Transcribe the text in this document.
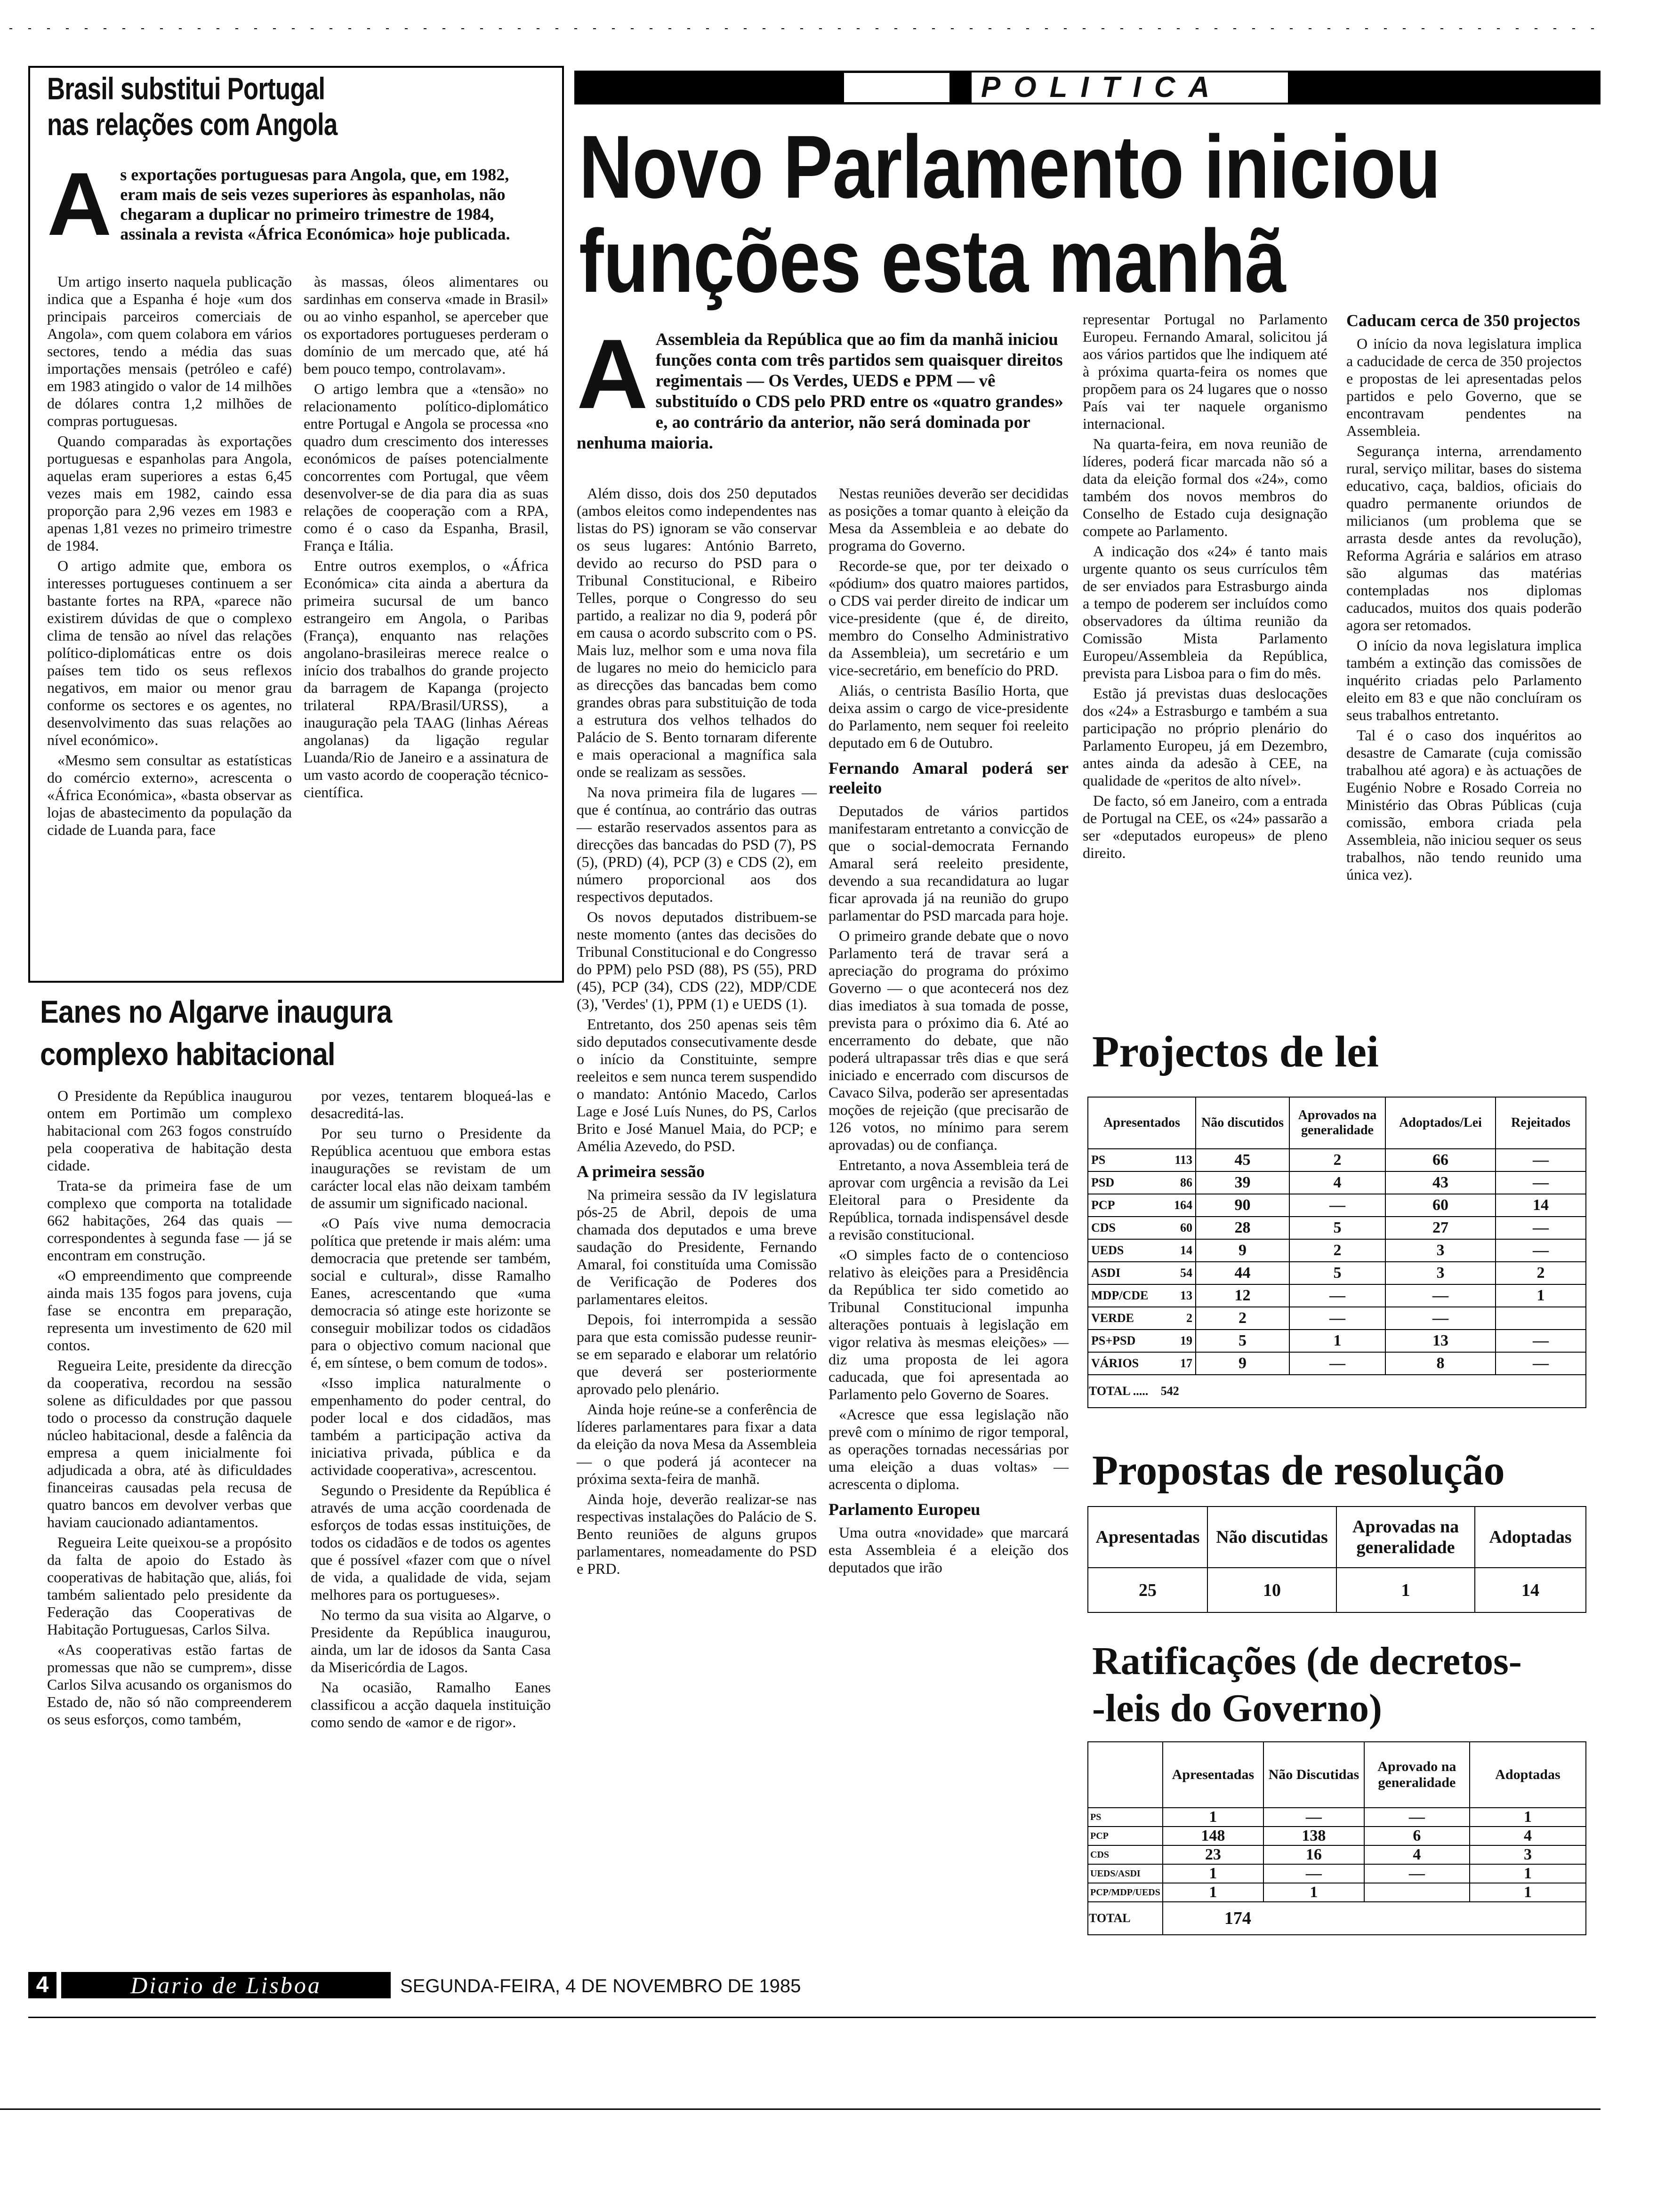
Brasil substitui Portugal
nas relações com Angola
A s exportações portuguesas para Angola, que, em 1982, eram mais de seis vezes superiores às espanholas, não chegaram a duplicar no primeiro trimestre de 1984, assinala a revista «África Económica» hoje publicada.

Um artigo inserto naquela publicação indica que a Espanha é hoje «um dos principais parceiros comerciais de Angola», com quem colabora em vários sectores, tendo a média das suas importações mensais (petróleo e café) em 1983 atingido o valor de 14 milhões de dólares contra 1,2 milhões de compras portuguesas.

Quando comparadas às exportações portuguesas e espanholas para Angola, aquelas eram superiores a estas 6,45 vezes mais em 1982, caindo essa proporção para 2,96 vezes em 1983 e apenas 1,81 vezes no primeiro trimestre de 1984.

O artigo admite que, embora os interesses portugueses continuem a ser bastante fortes na RPA, «parece não existirem dúvidas de que o complexo clima de tensão ao nível das relações político-diplomáticas entre os dois países tem tido os seus reflexos negativos, em maior ou menor grau conforme os sectores e os agentes, no desenvolvimento das suas relações ao nível económico».

«Mesmo sem consultar as estatísticas do comércio externo», acrescenta o «África Económica», «basta observar as lojas de abastecimento da população da cidade de Luanda para, face

às massas, óleos alimentares ou sardinhas em conserva «made in Brasil» ou ao vinho espanhol, se aperceber que os exportadores portugueses perderam o domínio de um mercado que, até há bem pouco tempo, controlavam».

O artigo lembra que a «tensão» no relacionamento político-diplomático entre Portugal e Angola se processa «no quadro dum crescimento dos interesses económicos de países potencialmente concorrentes com Portugal, que vêem desenvolver-se de dia para dia as suas relações de cooperação com a RPA, como é o caso da Espanha, Brasil, França e Itália.

Entre outros exemplos, o «África Económica» cita ainda a abertura da primeira sucursal de um banco estrangeiro em Angola, o Paribas (França), enquanto nas relações angolano-brasileiras merece realce o início dos trabalhos do grande projecto da barragem de Kapanga (projecto trilateral RPA/Brasil/URSS), a inauguração pela TAAG (linhas Aéreas angolanas) da ligação regular Luanda/Rio de Janeiro e a assinatura de um vasto acordo de cooperação técnico-científica.

Eanes no Algarve inaugura
complexo habitacional

O Presidente da República inaugurou ontem em Portimão um complexo habitacional com 263 fogos construído pela cooperativa de habitação desta cidade.

Trata-se da primeira fase de um complexo que comporta na totalidade 662 habitações, 264 das quais — correspondentes à segunda fase — já se encontram em construção.

«O empreendimento que compreende ainda mais 135 fogos para jovens, cuja fase se encontra em preparação, representa um investimento de 620 mil contos.

Regueira Leite, presidente da direcção da cooperativa, recordou na sessão solene as dificuldades por que passou todo o processo da construção daquele núcleo habitacional, desde a falência da empresa a quem inicialmente foi adjudicada a obra, até às dificuldades financeiras causadas pela recusa de quatro bancos em devolver verbas que haviam caucionado adiantamentos.

Regueira Leite queixou-se a propósito da falta de apoio do Estado às cooperativas de habitação que, aliás, foi também salientado pelo presidente da Federação das Cooperativas de Habitação Portuguesas, Carlos Silva.

«As cooperativas estão fartas de promessas que não se cumprem», disse Carlos Silva acusando os organismos do Estado de, não só não compreenderem os seus esforços, como também,

por vezes, tentarem bloqueá-las e desacreditá-las.

Por seu turno o Presidente da República acentuou que embora estas inaugurações se revistam de um carácter local elas não deixam também de assumir um significado nacional.

«O País vive numa democracia política que pretende ir mais além: uma democracia que pretende ser também, social e cultural», disse Ramalho Eanes, acrescentando que «uma democracia só atinge este horizonte se conseguir mobilizar todos os cidadãos para o objectivo comum nacional que é, em síntese, o bem comum de todos».

«Isso implica naturalmente o empenhamento do poder central, do poder local e dos cidadãos, mas também a participação activa da iniciativa privada, pública e da actividade cooperativa», acrescentou.

Segundo o Presidente da República é através de uma acção coordenada de esforços de todas essas instituições, de todos os cidadãos e de todos os agentes que é possível «fazer com que o nível de vida, a qualidade de vida, sejam melhores para os portugueses».

No termo da sua visita ao Algarve, o Presidente da República inaugurou, ainda, um lar de idosos da Santa Casa da Misericórdia de Lagos.

Na ocasião, Ramalho Eanes classificou a acção daquela instituição como sendo de «amor e de rigor».

POLITICA
Novo Parlamento iniciou
funções esta manhã
A Assembleia da República que ao fim da manhã iniciou funções conta com três partidos sem quaisquer direitos regimentais — Os Verdes, UEDS e PPM — vê substituído o CDS pelo PRD entre os «quatro grandes» e, ao contrário da anterior, não será dominada por nenhuma maioria.

Além disso, dois dos 250 deputados (ambos eleitos como independentes nas listas do PS) ignoram se vão conservar os seus lugares: António Barreto, devido ao recurso do PSD para o Tribunal Constitucional, e Ribeiro Telles, porque o Congresso do seu partido, a realizar no dia 9, poderá pôr em causa o acordo subscrito com o PS. Mais luz, melhor som e uma nova fila de lugares no meio do hemiciclo para as direcções das bancadas bem como grandes obras para substituição de toda a estrutura dos velhos telhados do Palácio de S. Bento tornaram diferente e mais operacional a magnífica sala onde se realizam as sessões.

Na nova primeira fila de lugares — que é contínua, ao contrário das outras — estarão reservados assentos para as direcções das bancadas do PSD (7), PS (5), (PRD) (4), PCP (3) e CDS (2), em número proporcional aos dos respectivos deputados.

Os novos deputados distribuem-se neste momento (antes das decisões do Tribunal Constitucional e do Congresso do PPM) pelo PSD (88), PS (55), PRD (45), PCP (34), CDS (22), MDP/CDE (3), 'Verdes' (1), PPM (1) e UEDS (1).

Entretanto, dos 250 apenas seis têm sido deputados consecutivamente desde o início da Constituinte, sempre reeleitos e sem nunca terem suspendido o mandato: António Macedo, Carlos Lage e José Luís Nunes, do PS, Carlos Brito e José Manuel Maia, do PCP; e Amélia Azevedo, do PSD.

A primeira sessão

Na primeira sessão da IV legislatura pós-25 de Abril, depois de uma chamada dos deputados e uma breve saudação do Presidente, Fernando Amaral, foi constituída uma Comissão de Verificação de Poderes dos parlamentares eleitos.

Depois, foi interrompida a sessão para que esta comissão pudesse reunir-se em separado e elaborar um relatório que deverá ser posteriormente aprovado pelo plenário.

Ainda hoje reúne-se a conferência de líderes parlamentares para fixar a data da eleição da nova Mesa da Assembleia — o que poderá já acontecer na próxima sexta-feira de manhã.

Ainda hoje, deverão realizar-se nas respectivas instalações do Palácio de S. Bento reuniões de alguns grupos parlamentares, nomeadamente do PSD e PRD.

Nestas reuniões deverão ser decididas as posições a tomar quanto à eleição da Mesa da Assembleia e ao debate do programa do Governo.

Recorde-se que, por ter deixado o «pódium» dos quatro maiores partidos, o CDS vai perder direito de indicar um vice-presidente (que é, de direito, membro do Conselho Administrativo da Assembleia), um secretário e um vice-secretário, em benefício do PRD.

Aliás, o centrista Basílio Horta, que deixa assim o cargo de vice-presidente do Parlamento, nem sequer foi reeleito deputado em 6 de Outubro.

Fernando Amaral poderá ser reeleito

Deputados de vários partidos manifestaram entretanto a convicção de que o social-democrata Fernando Amaral será reeleito presidente, devendo a sua recandidatura ao lugar ficar aprovada já na reunião do grupo parlamentar do PSD marcada para hoje.

O primeiro grande debate que o novo Parlamento terá de travar será a apreciação do programa do próximo Governo — o que acontecerá nos dez dias imediatos à sua tomada de posse, prevista para o próximo dia 6. Até ao encerramento do debate, que não poderá ultrapassar três dias e que será iniciado e encerrado com discursos de Cavaco Silva, poderão ser apresentadas moções de rejeição (que precisarão de 126 votos, no mínimo para serem aprovadas) ou de confiança.

Entretanto, a nova Assembleia terá de aprovar com urgência a revisão da Lei Eleitoral para o Presidente da República, tornada indispensável desde a revisão constitucional.

«O simples facto de o contencioso relativo às eleições para a Presidência da República ter sido cometido ao Tribunal Constitucional impunha alterações pontuais à legislação em vigor relativa às mesmas eleições» — diz uma proposta de lei agora caducada, que foi apresentada ao Parlamento pelo Governo de Soares.

«Acresce que essa legislação não prevê com o mínimo de rigor temporal, as operações tornadas necessárias por uma eleição a duas voltas» — acrescenta o diploma.

Parlamento Europeu

Uma outra «novidade» que marcará esta Assembleia é a eleição dos deputados que irão

representar Portugal no Parlamento Europeu. Fernando Amaral, solicitou já aos vários partidos que lhe indiquem até à próxima quarta-feira os nomes que propõem para os 24 lugares que o nosso País vai ter naquele organismo internacional.

Na quarta-feira, em nova reunião de líderes, poderá ficar marcada não só a data da eleição formal dos «24», como também dos novos membros do Conselho de Estado cuja designação compete ao Parlamento.

A indicação dos «24» é tanto mais urgente quanto os seus currículos têm de ser enviados para Estrasburgo ainda a tempo de poderem ser incluídos como observadores da última reunião da Comissão Mista Parlamento Europeu/Assembleia da República, prevista para Lisboa para o fim do mês.

Estão já previstas duas deslocações dos «24» a Estrasburgo e também a sua participação no próprio plenário do Parlamento Europeu, já em Dezembro, antes ainda da adesão à CEE, na qualidade de «peritos de alto nível».

De facto, só em Janeiro, com a entrada de Portugal na CEE, os «24» passarão a ser «deputados europeus» de pleno direito.

Caducam cerca de 350 projectos

O início da nova legislatura implica a caducidade de cerca de 350 projectos e propostas de lei apresentadas pelos partidos e pelo Governo, que se encontravam pendentes na Assembleia.

Segurança interna, arrendamento rural, serviço militar, bases do sistema educativo, caça, baldios, oficiais do quadro permanente oriundos de milicianos (um problema que se arrasta desde antes da revolução), Reforma Agrária e salários em atraso são algumas das matérias contempladas nos diplomas caducados, muitos dos quais poderão agora ser retomados.

O início da nova legislatura implica também a extinção das comissões de inquérito criadas pelo Parlamento eleito em 83 e que não concluíram os seus trabalhos entretanto.

Tal é o caso dos inquéritos ao desastre de Camarate (cuja comissão trabalhou até agora) e às actuações de Eugénio Nobre e Rosado Correia no Ministério das Obras Públicas (cuja comissão, embora criada pela Assembleia, não iniciou sequer os seus trabalhos, não tendo reunido uma única vez).

Projectos de lei
Apresentados	Não discutidos	Aprovados na generalidade	Adoptados/Lei	Rejeitados
PS 113	45	2	66	—
PSD 86	39	4	43	—
PCP 164	90	—	60	14
CDS 60	28	5	27	—
UEDS 14	9	2	3	—
ASDI 54	44	5	3	2
MDP/CDE 13	12	—	—	1
VERDE 2	2	—	—	
PS+PSD 19	5	1	13	—
VÁRIOS 17	9	—	8	—
TOTAL ..... 542				
Propostas de resolução
Apresentadas	Não discutidas	Aprovadas na generalidade	Adoptadas
25	10	1	14
Ratificações (de decretos-
-leis do Governo)
	Apresentadas	Não Discutidas	Aprovado na generalidade	Adoptadas
PS	1	—	—	1
PCP	148	138	6	4
CDS	23	16	4	3
UEDS/ASDI	1	—	—	1
PCP/MDP/UEDS	1	1		1
TOTAL	174			
4	Diario de Lisboa	SEGUNDA-FEIRA, 4 DE NOVEMBRO DE 1985
